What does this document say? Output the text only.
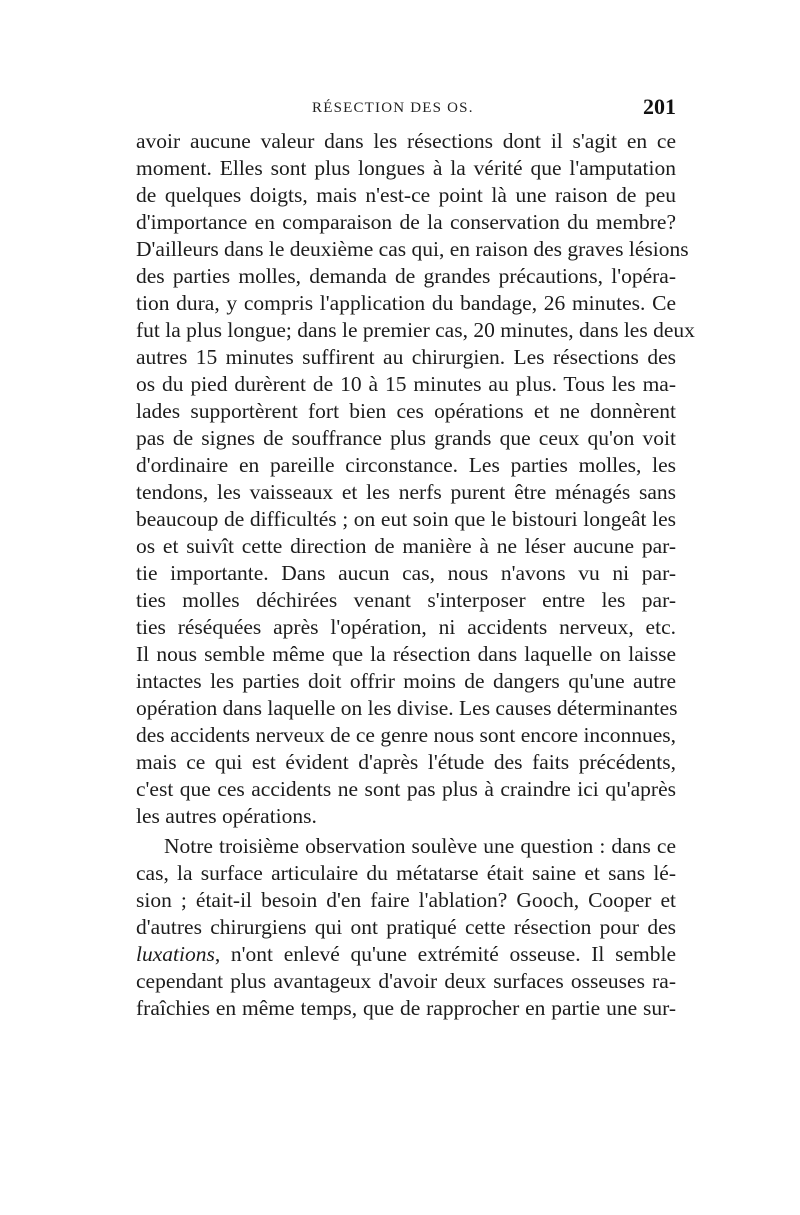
RÉSECTION DES OS.	201
avoir aucune valeur dans les résections dont il s'agit en ce
moment. Elles sont plus longues à la vérité que l'amputation
de quelques doigts, mais n'est-ce point là une raison de peu
d'importance en comparaison de la conservation du membre?
D'ailleurs dans le deuxième cas qui, en raison des graves lésions
des parties molles, demanda de grandes précautions, l'opéra-
tion dura, y compris l'application du bandage, 26 minutes. Ce
fut la plus longue; dans le premier cas, 20 minutes, dans les deux
autres 15 minutes suffirent au chirurgien. Les résections des
os du pied durèrent de 10 à 15 minutes au plus. Tous les ma-
lades supportèrent fort bien ces opérations et ne donnèrent
pas de signes de souffrance plus grands que ceux qu'on voit
d'ordinaire en pareille circonstance. Les parties molles, les
tendons, les vaisseaux et les nerfs purent être ménagés sans
beaucoup de difficultés ; on eut soin que le bistouri longeât les
os et suivît cette direction de manière à ne léser aucune par-
tie importante. Dans aucun cas, nous n'avons vu ni par-
ties molles déchirées venant s'interposer entre les par-
ties réséquées après l'opération, ni accidents nerveux, etc.
Il nous semble même que la résection dans laquelle on laisse
intactes les parties doit offrir moins de dangers qu'une autre
opération dans laquelle on les divise. Les causes déterminantes
des accidents nerveux de ce genre nous sont encore inconnues,
mais ce qui est évident d'après l'étude des faits précédents,
c'est que ces accidents ne sont pas plus à craindre ici qu'après
les autres opérations.
Notre troisième observation soulève une question : dans ce
cas, la surface articulaire du métatarse était saine et sans lé-
sion ; était-il besoin d'en faire l'ablation? Gooch, Cooper et
d'autres chirurgiens qui ont pratiqué cette résection pour des
luxations, n'ont enlevé qu'une extrémité osseuse. Il semble
cependant plus avantageux d'avoir deux surfaces osseuses ra-
fraîchies en même temps, que de rapprocher en partie une sur-
